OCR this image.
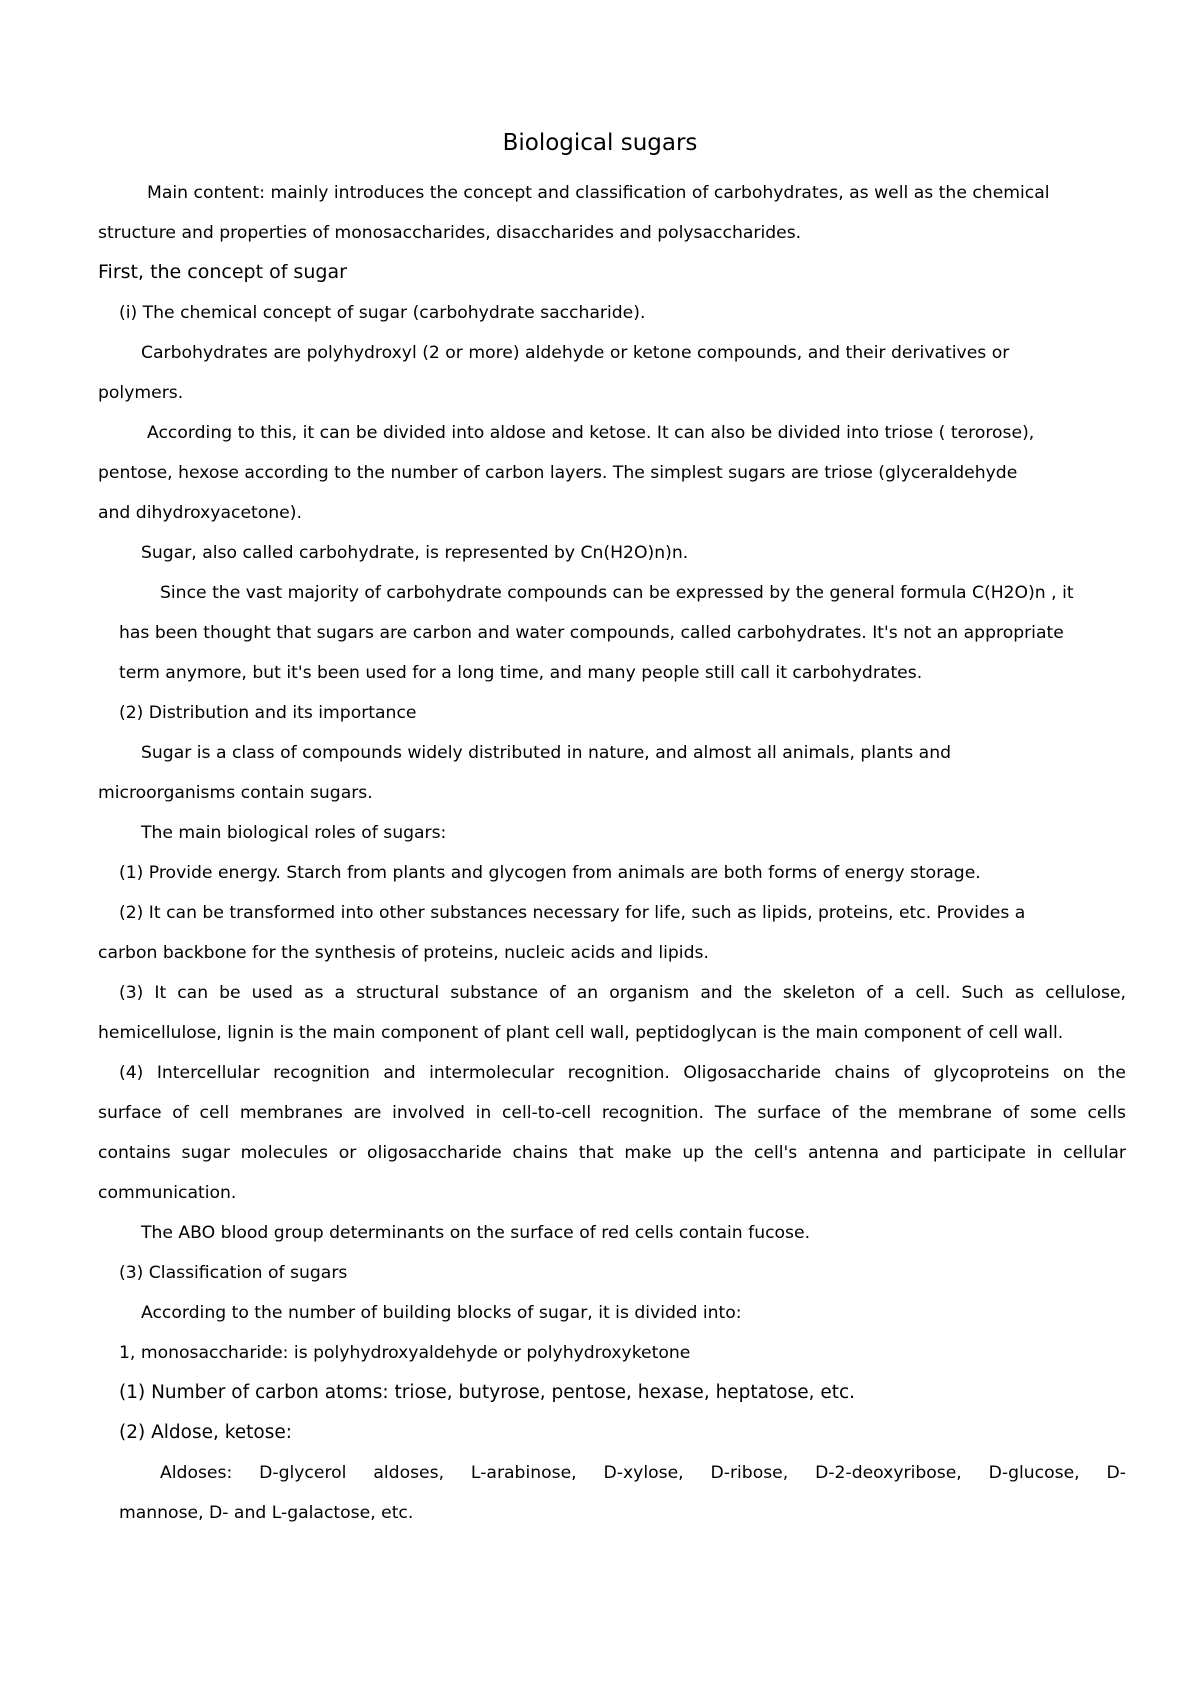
Biological sugars
Main content: mainly introduces the concept and classification of carbohydrates, as well as the chemical
structure and properties of monosaccharides, disaccharides and polysaccharides.
First, the concept of sugar
(i) The chemical concept of sugar (carbohydrate saccharide).
Carbohydrates are polyhydroxyl (2 or more) aldehyde or ketone compounds, and their derivatives or
polymers.
According to this, it can be divided into aldose and ketose. It can also be divided into triose ( terorose),
pentose, hexose according to the number of carbon layers. The simplest sugars are triose (glyceraldehyde
and dihydroxyacetone).
Sugar, also called carbohydrate, is represented by Cn(H2O)n)n.
Since the vast majority of carbohydrate compounds can be expressed by the general formula C(H2O)n , it
has been thought that sugars are carbon and water compounds, called carbohydrates. It's not an appropriate
term anymore, but it's been used for a long time, and many people still call it carbohydrates.
(2) Distribution and its importance
Sugar is a class of compounds widely distributed in nature, and almost all animals, plants and
microorganisms contain sugars.
The main biological roles of sugars:
(1) Provide energy. Starch from plants and glycogen from animals are both forms of energy storage.
(2) It can be transformed into other substances necessary for life, such as lipids, proteins, etc. Provides a
carbon backbone for the synthesis of proteins, nucleic acids and lipids.
(3) It can be used as a structural substance of an organism and the skeleton of a cell. Such as cellulose,
hemicellulose, lignin is the main component of plant cell wall, peptidoglycan is the main component of cell wall.
(4) Intercellular recognition and intermolecular recognition. Oligosaccharide chains of glycoproteins on the
surface of cell membranes are involved in cell-to-cell recognition. The surface of the membrane of some cells
contains sugar molecules or oligosaccharide chains that make up the cell's antenna and participate in cellular
communication.
The ABO blood group determinants on the surface of red cells contain fucose.
(3) Classification of sugars
According to the number of building blocks of sugar, it is divided into:
1, monosaccharide: is polyhydroxyaldehyde or polyhydroxyketone
(1) Number of carbon atoms: triose, butyrose, pentose, hexase, heptatose, etc.
(2) Aldose, ketose:
Aldoses: D-glycerol aldoses, L-arabinose, D-xylose, D-ribose, D-2-deoxyribose, D-glucose, D-
mannose, D- and L-galactose, etc.
